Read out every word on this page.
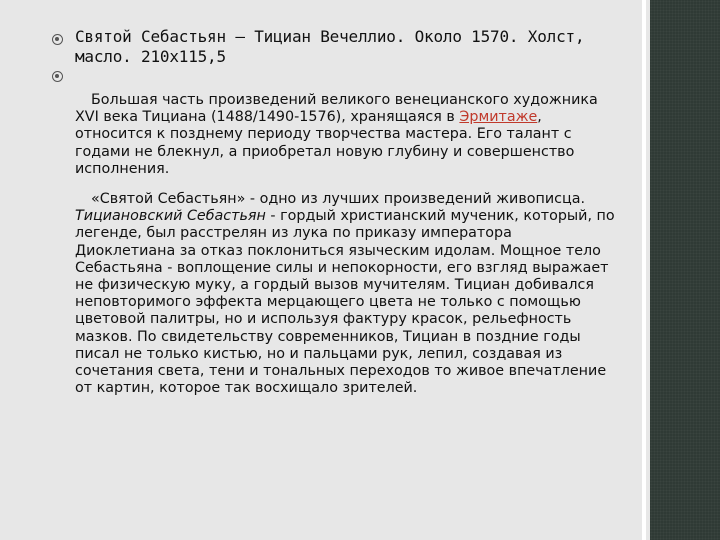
Святой Себастьян – Тициан Вечеллио. Около 1570. Холст,
масло. 210x115,5
Большая часть произведений великого венецианского художника XVI века Тициана (1488/1490-1576), хранящаяся в Эрмитаже, относится к позднему периоду творчества мастера. Его талант с годами не блекнул, а приобретал новую глубину и совершенство исполнения.
«Святой Себастьян» - одно из лучших произведений живописца. Тициановский Себастьян - гордый христианский мученик, который, по легенде, был расстрелян из лука по приказу императора Диоклетиана за отказ поклониться языческим идолам. Мощное тело Себастьяна - воплощение силы и непокорности, его взгляд выражает не физическую муку, а гордый вызов мучителям. Тициан добивался неповторимого эффекта мерцающего цвета не только с помощью цветовой палитры, но и используя фактуру красок, рельефность мазков. По свидетельству современников, Тициан в поздние годы писал не только кистью, но и пальцами рук, лепил, создавая из сочетания света, тени и тональных переходов то живое впечатление от картин, которое так восхищало зрителей.
